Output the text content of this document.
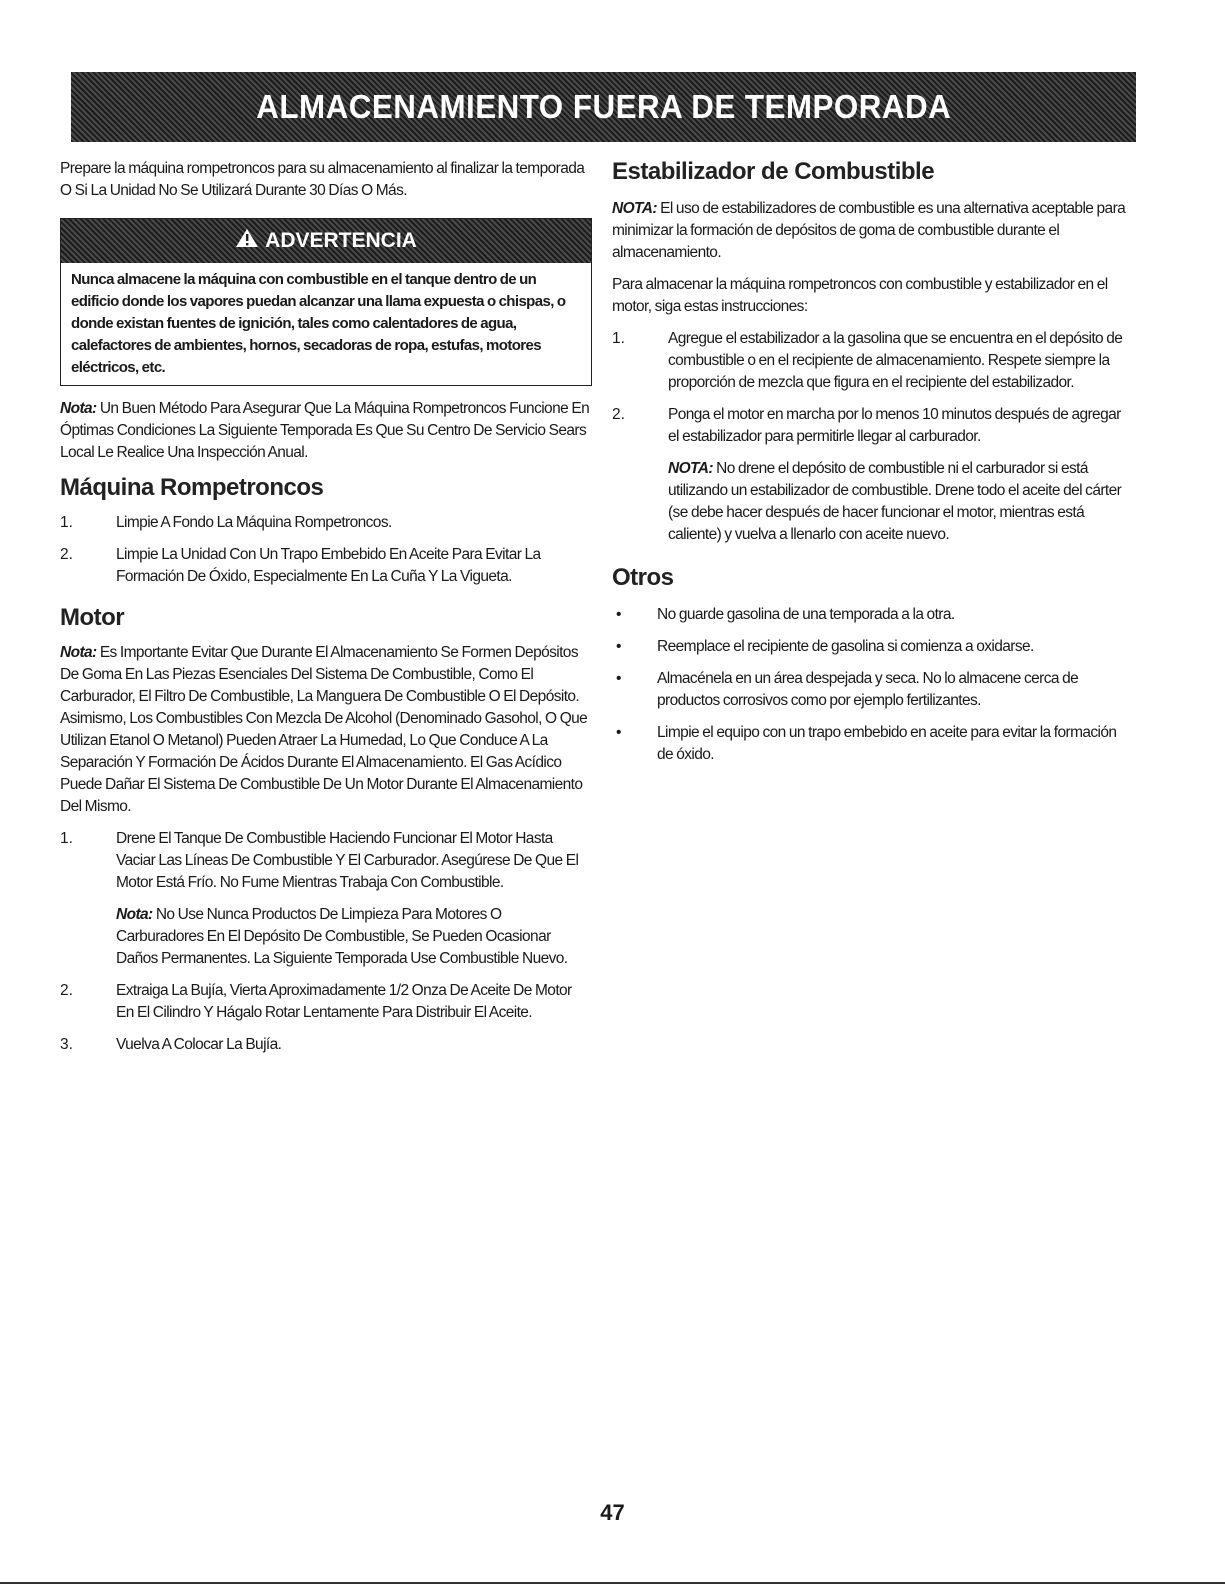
ALMACENAMIENTO FUERA DE TEMPORADA

Prepare la máquina rompetroncos para su almacenamiento al finalizar la temporada O Si La Unidad No Se Utilizará Durante 30 Días O Más.

ADVERTENCIA
Nunca almacene la máquina con combustible en el tanque dentro de un edificio donde los vapores puedan alcanzar una llama expuesta o chispas, o donde existan fuentes de ignición, tales como calentadores de agua, calefactores de ambientes, hornos, secadoras de ropa, estufas, motores eléctricos, etc.

Nota: Un Buen Método Para Asegurar Que La Máquina Rompetroncos Funcione En Óptimas Condiciones La Siguiente Temporada Es Que Su Centro De Servicio Sears Local Le Realice Una Inspección Anual.

Máquina Rompetroncos
1.	Limpie A Fondo La Máquina Rompetroncos.

2.	Limpie La Unidad Con Un Trapo Embebido En Aceite Para Evitar La Formación De Óxido, Especialmente En La Cuña Y La Vigueta.

Motor

Nota: Es Importante Evitar Que Durante El Almacenamiento Se Formen Depósitos De Goma En Las Piezas Esenciales Del Sistema De Combustible, Como El Carburador, El Filtro De Combustible, La Manguera De Combustible O El Depósito. Asimismo, Los Combustibles Con Mezcla De Alcohol (Denominado Gasohol, O Que Utilizan Etanol O Metanol) Pueden Atraer La Humedad, Lo Que Conduce A La Separación Y Formación De Ácidos Durante El Almacenamiento. El Gas Acídico Puede Dañar El Sistema De Combustible De Un Motor Durante El Almacenamiento Del Mismo.

1.	Drene El Tanque De Combustible Haciendo Funcionar El Motor Hasta Vaciar Las Líneas De Combustible Y El Carburador. Asegúrese De Que El Motor Está Frío. No Fume Mientras Trabaja Con Combustible.

Nota: No Use Nunca Productos De Limpieza Para Motores O Carburadores En El Depósito De Combustible, Se Pueden Ocasionar Daños Permanentes. La Siguiente Temporada Use Combustible Nuevo.

2.	Extraiga La Bujía, Vierta Aproximadamente 1/2 Onza De Aceite De Motor En El Cilindro Y Hágalo Rotar Lentamente Para Distribuir El Aceite.

3.	Vuelva A Colocar La Bujía.

Estabilizador de Combustible

NOTA: El uso de estabilizadores de combustible es una alternativa aceptable para minimizar la formación de depósitos de goma de combustible durante el almacenamiento.

Para almacenar la máquina rompetroncos con combustible y estabilizador en el motor, siga estas instrucciones:

1.	Agregue el estabilizador a la gasolina que se encuentra en el depósito de combustible o en el recipiente de almacenamiento. Respete siempre la proporción de mezcla que figura en el recipiente del estabilizador.

2.	Ponga el motor en marcha por lo menos 10 minutos después de agregar el estabilizador para permitirle llegar al carburador.

NOTA: No drene el depósito de combustible ni el carburador si está utilizando un estabilizador de combustible. Drene todo el aceite del cárter (se debe hacer después de hacer funcionar el motor, mientras está caliente) y vuelva a llenarlo con aceite nuevo.

Otros
•	No guarde gasolina de una temporada a la otra.

•	Reemplace el recipiente de gasolina si comienza a oxidarse.

•	Almacénela en un área despejada y seca. No lo almacene cerca de productos corrosivos como por ejemplo fertilizantes.

•	Limpie el equipo con un trapo embebido en aceite para evitar la formación de óxido.

47
